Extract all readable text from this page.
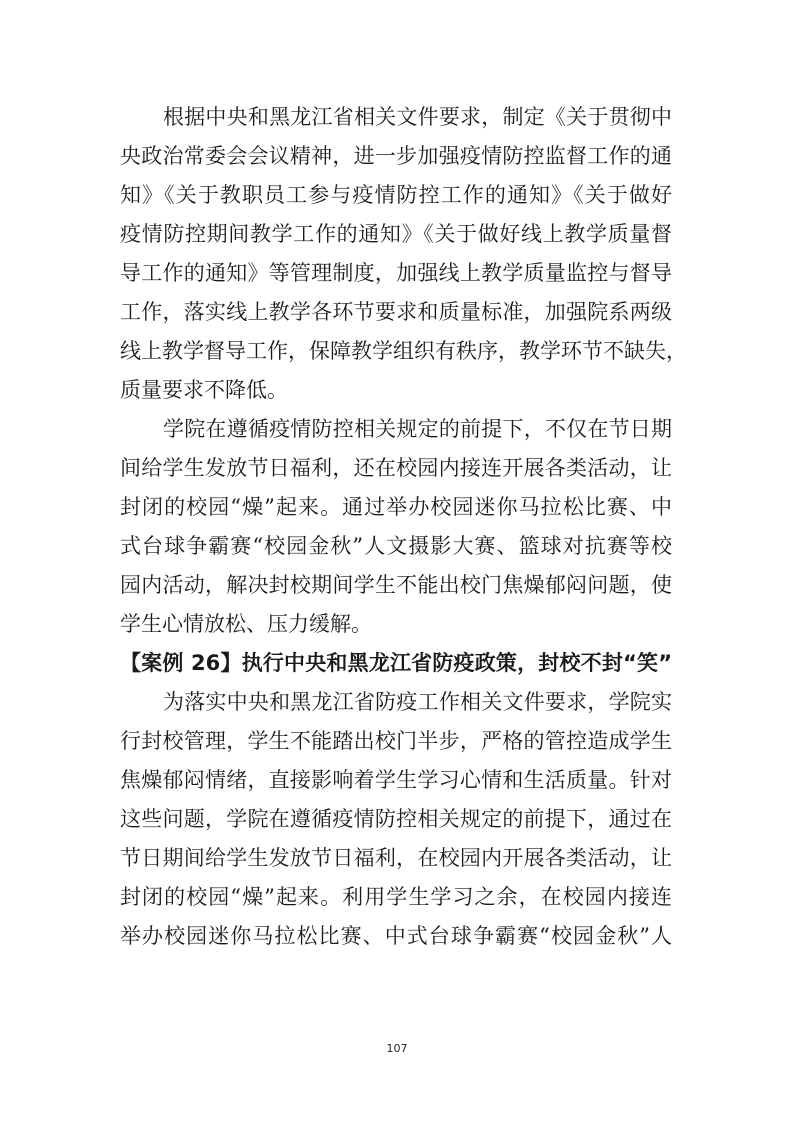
根据中央和黑龙江省相关文件要求，制定《关于贯彻中
央政治常委会会议精神，进一步加强疫情防控监督工作的通
知》《关于教职员工参与疫情防控工作的通知》《关于做好
疫情防控期间教学工作的通知》《关于做好线上教学质量督
导工作的通知》等管理制度，加强线上教学质量监控与督导
工作，落实线上教学各环节要求和质量标准，加强院系两级
线上教学督导工作，保障教学组织有秩序，教学环节不缺失，
质量要求不降低。
学院在遵循疫情防控相关规定的前提下，不仅在节日期
间给学生发放节日福利，还在校园内接连开展各类活动，让
封闭的校园“燥”起来。通过举办校园迷你马拉松比赛、中
式台球争霸赛“校园金秋”人文摄影大赛、篮球对抗赛等校
园内活动，解决封校期间学生不能出校门焦燥郁闷问题，使
学生心情放松、压力缓解。
【案例 26】执行中央和黑龙江省防疫政策，封校不封“笑”
为落实中央和黑龙江省防疫工作相关文件要求，学院实
行封校管理，学生不能踏出校门半步，严格的管控造成学生
焦燥郁闷情绪，直接影响着学生学习心情和生活质量。针对
这些问题，学院在遵循疫情防控相关规定的前提下，通过在
节日期间给学生发放节日福利，在校园内开展各类活动，让
封闭的校园“燥”起来。利用学生学习之余，在校园内接连
举办校园迷你马拉松比赛、中式台球争霸赛“校园金秋”人
107
